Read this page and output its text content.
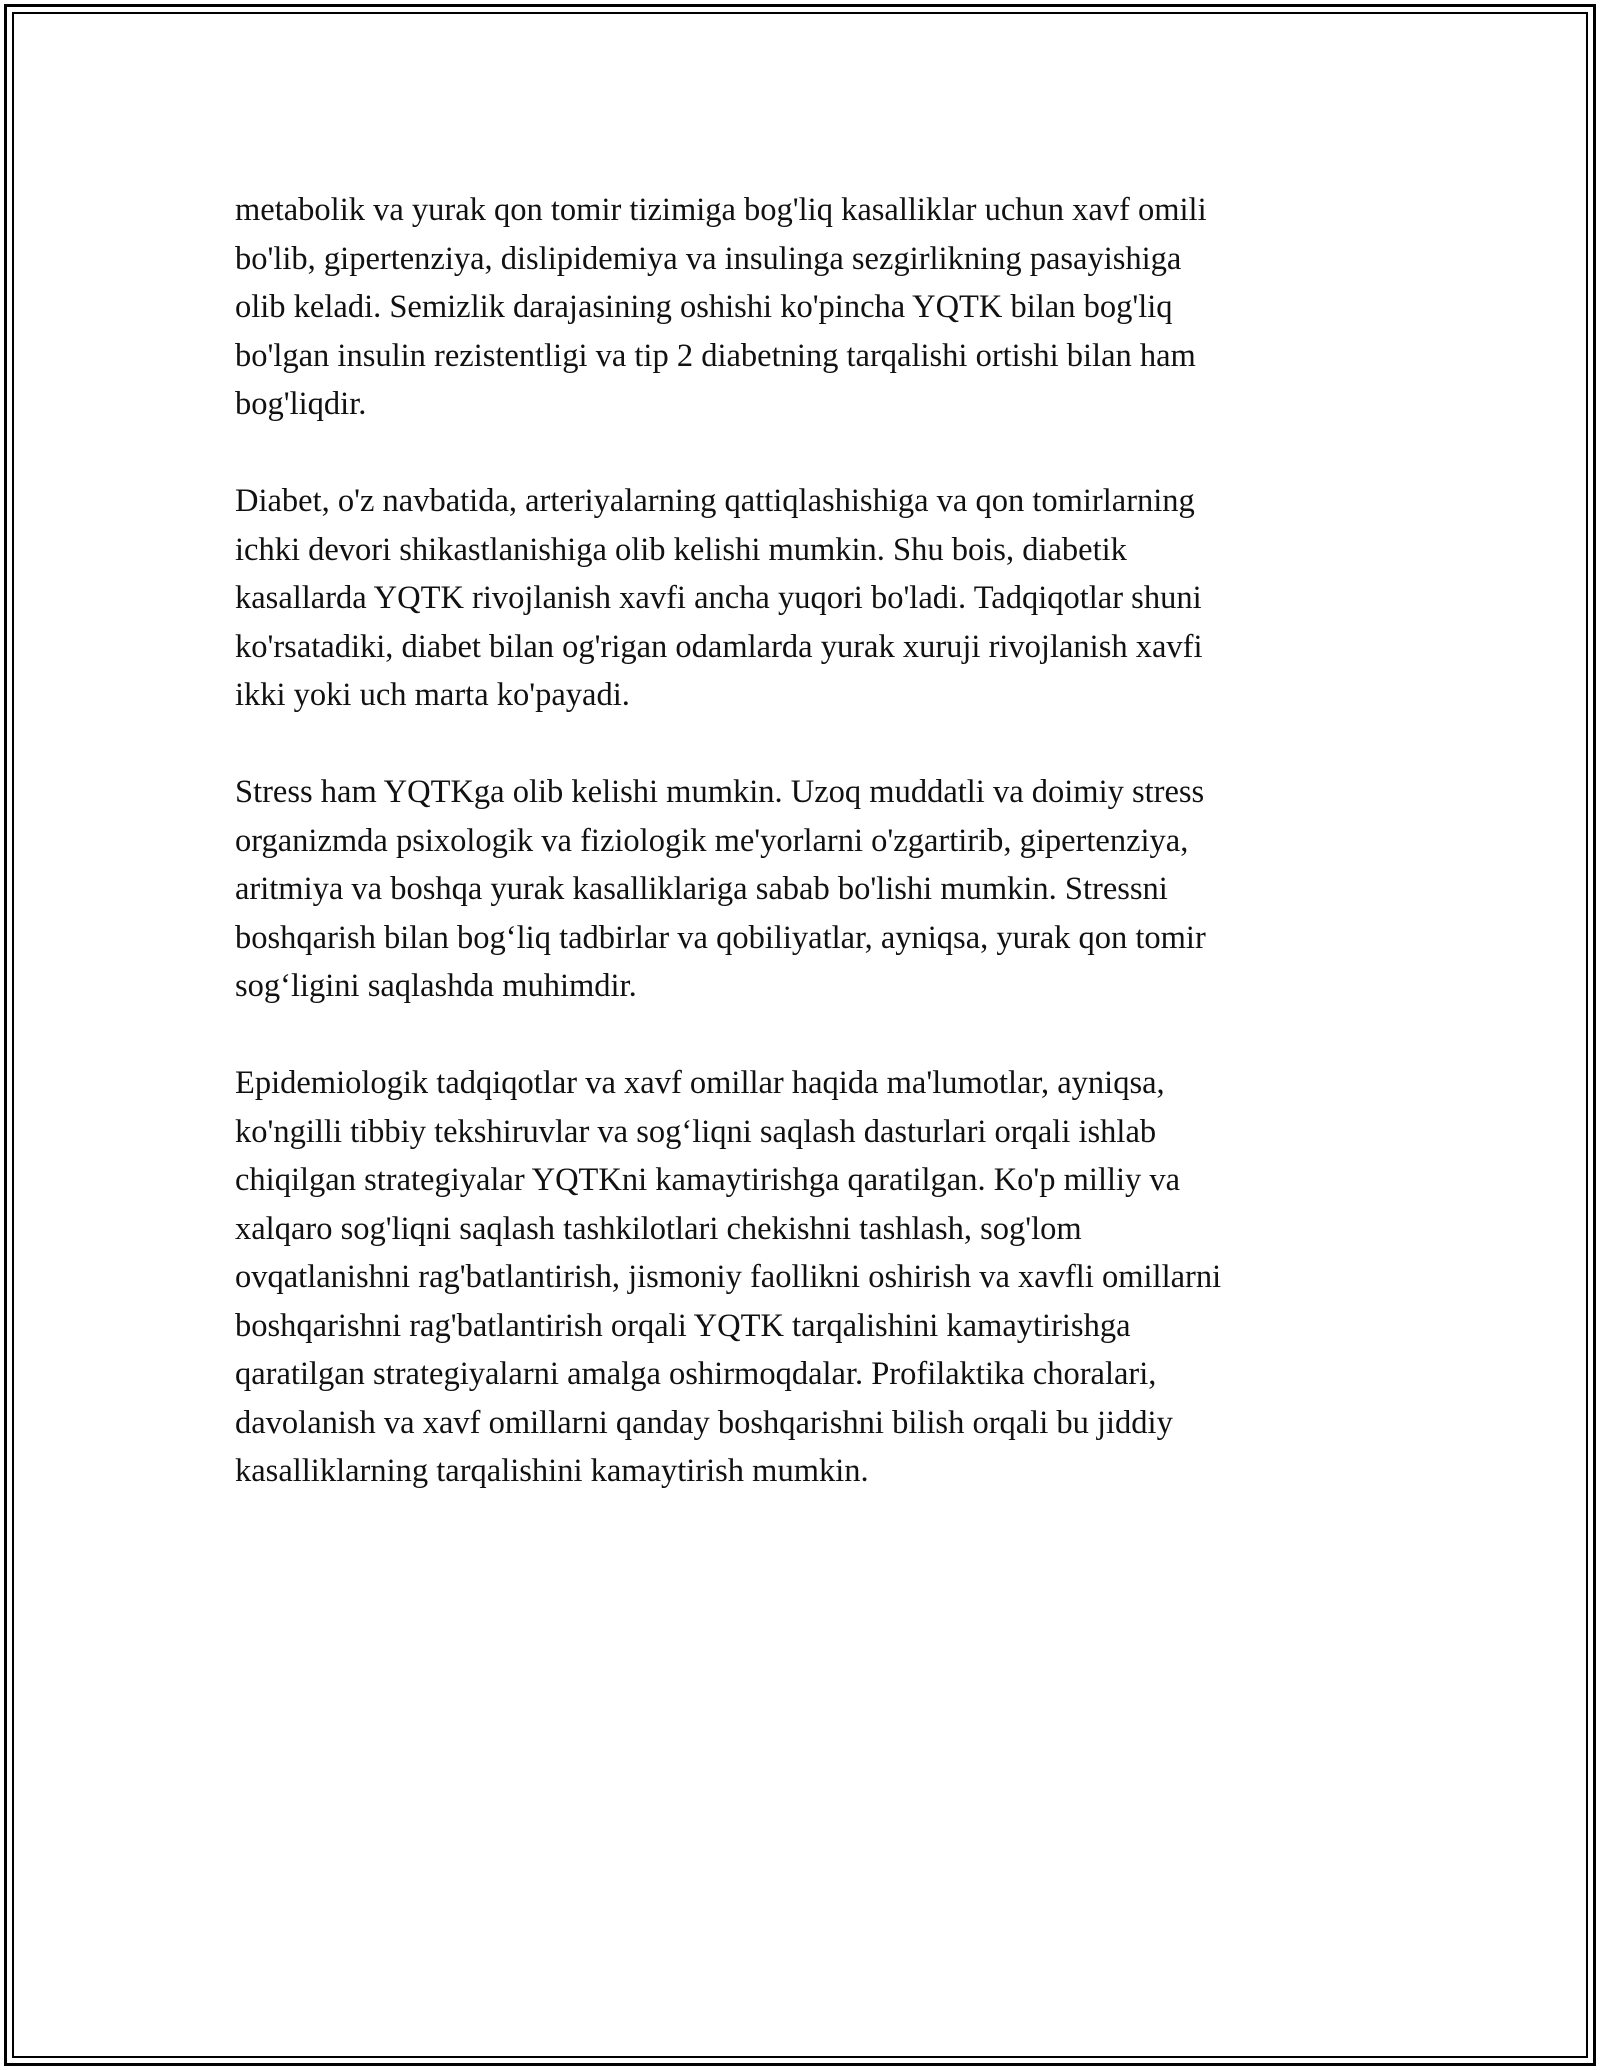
metabolik va yurak qon tomir tizimiga bog'liq kasalliklar uchun xavf omili
bo'lib, gipertenziya, dislipidemiya va insulinga sezgirlikning pasayishiga
olib keladi. Semizlik darajasining oshishi ko'pincha YQTK bilan bog'liq
bo'lgan insulin rezistentligi va tip 2 diabetning tarqalishi ortishi bilan ham
bog'liqdir.

Diabet, o'z navbatida, arteriyalarning qattiqlashishiga va qon tomirlarning
ichki devori shikastlanishiga olib kelishi mumkin. Shu bois, diabetik
kasallarda YQTK rivojlanish xavfi ancha yuqori bo'ladi. Tadqiqotlar shuni
ko'rsatadiki, diabet bilan og'rigan odamlarda yurak xuruji rivojlanish xavfi
ikki yoki uch marta ko'payadi.

Stress ham YQTKga olib kelishi mumkin. Uzoq muddatli va doimiy stress
organizmda psixologik va fiziologik me'yorlarni o'zgartirib, gipertenziya,
aritmiya va boshqa yurak kasalliklariga sabab bo'lishi mumkin. Stressni
boshqarish bilan bog‘liq tadbirlar va qobiliyatlar, ayniqsa, yurak qon tomir
sog‘ligini saqlashda muhimdir.

Epidemiologik tadqiqotlar va xavf omillar haqida ma'lumotlar, ayniqsa,
ko'ngilli tibbiy tekshiruvlar va sog‘liqni saqlash dasturlari orqali ishlab
chiqilgan strategiyalar YQTKni kamaytirishga qaratilgan. Ko'p milliy va
xalqaro sog'liqni saqlash tashkilotlari chekishni tashlash, sog'lom
ovqatlanishni rag'batlantirish, jismoniy faollikni oshirish va xavfli omillarni
boshqarishni rag'batlantirish orqali YQTK tarqalishini kamaytirishga
qaratilgan strategiyalarni amalga oshirmoqdalar. Profilaktika choralari,
davolanish va xavf omillarni qanday boshqarishni bilish orqali bu jiddiy
kasalliklarning tarqalishini kamaytirish mumkin.
